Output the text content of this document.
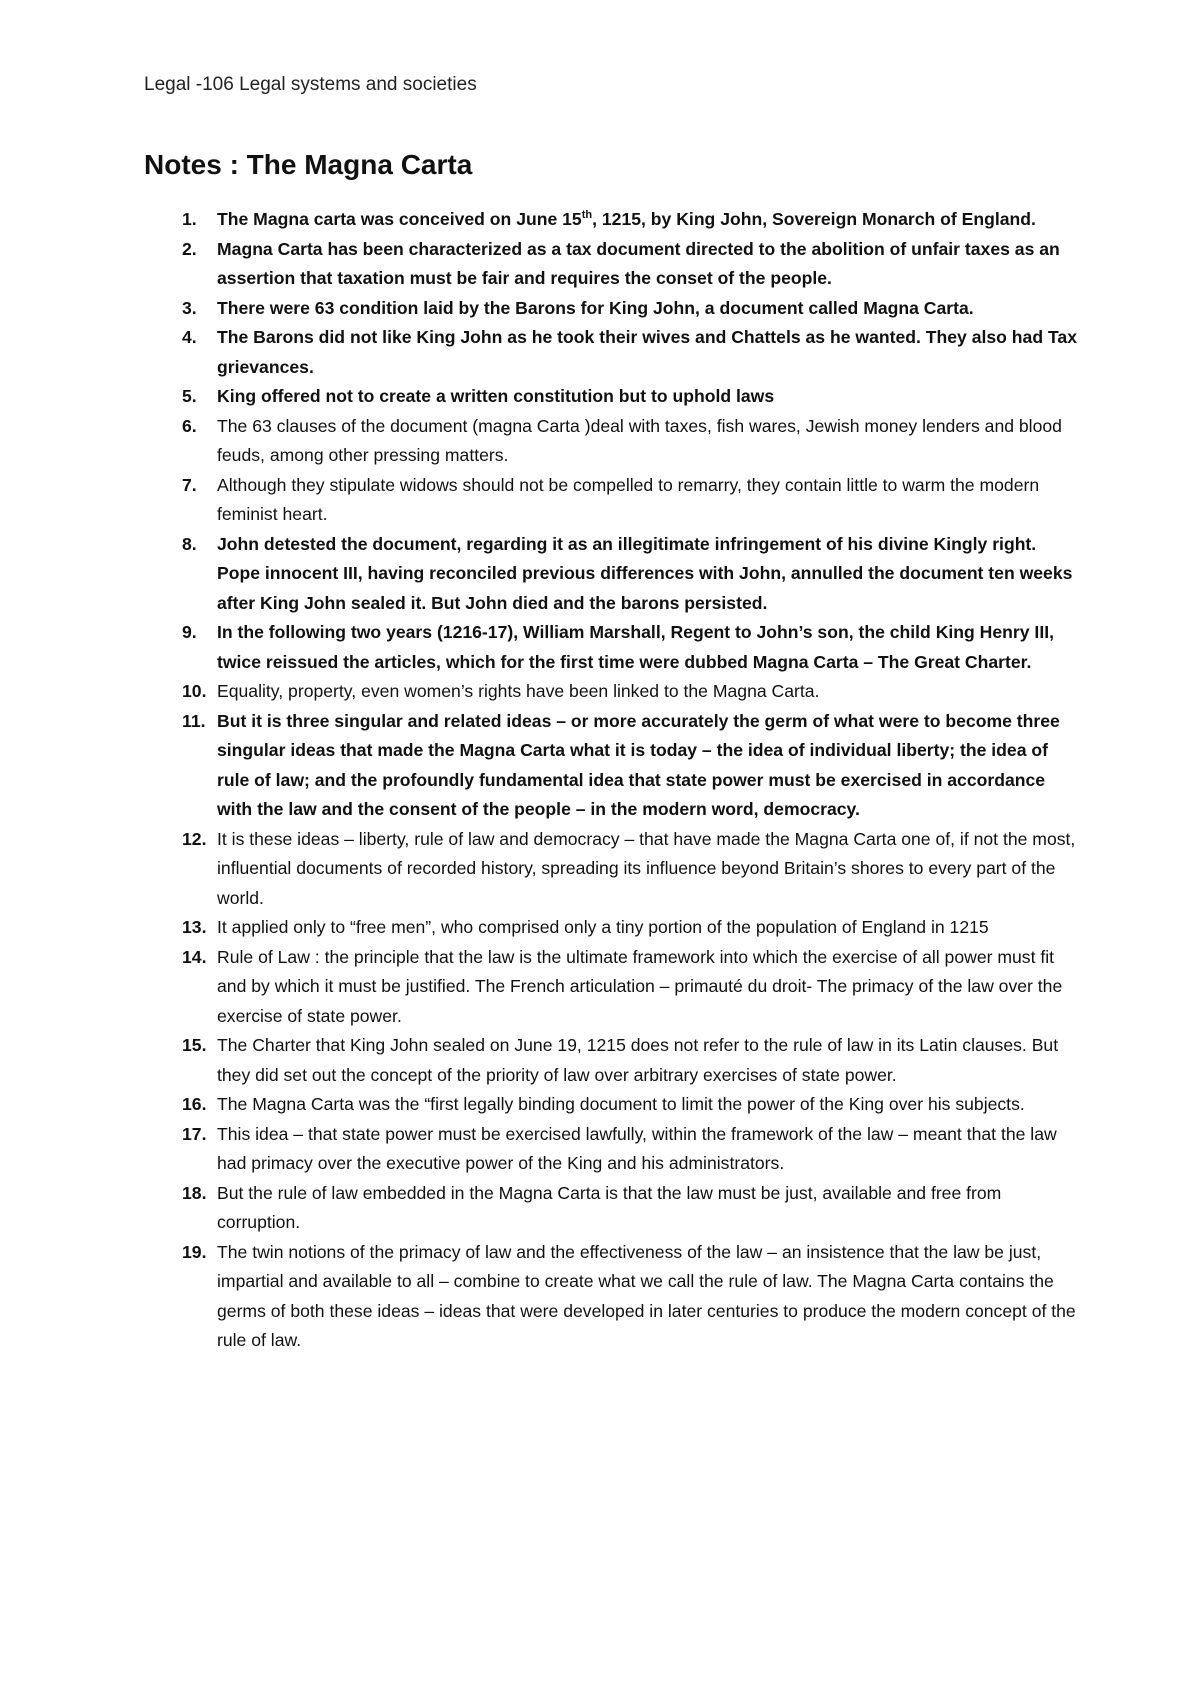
Legal -106 Legal systems and societies
Notes : The Magna Carta
1.	The Magna carta was conceived on June 15th, 1215, by King John, Sovereign Monarch of England.
2.	Magna Carta has been characterized as a tax document directed to the abolition of unfair taxes as an assertion that taxation must be fair and requires the conset of the people.
3.	There were 63 condition laid by the Barons for King John, a document called Magna Carta.
4.	The Barons did not like King John as he took their wives and Chattels as he wanted. They also had Tax grievances.
5.	King offered not to create a written constitution but to uphold laws
6.	The 63 clauses of the document (magna Carta )deal with taxes, fish wares, Jewish money lenders and blood feuds, among other pressing matters.
7.	Although they stipulate widows should not be compelled to remarry, they contain little to warm the modern feminist heart.
8.	John detested the document, regarding it as an illegitimate infringement of his divine Kingly right. Pope innocent III, having reconciled previous differences with John, annulled the document ten weeks after King John sealed it. But John died and the barons persisted.
9.	In the following two years (1216-17), William Marshall, Regent to John’s son, the child King Henry III, twice reissued the articles, which for the first time were dubbed Magna Carta – The Great Charter.
10. Equality, property, even women’s rights have been linked to the Magna Carta.
11. But it is three singular and related ideas – or more accurately the germ of what were to become three singular ideas that made the Magna Carta what it is today – the idea of individual liberty; the idea of rule of law; and the profoundly fundamental idea that state power must be exercised in accordance with the law and the consent of the people – in the modern word, democracy.
12. It is these ideas – liberty, rule of law and democracy – that have made the Magna Carta one of, if not the most, influential documents of recorded history, spreading its influence beyond Britain’s shores to every part of the world.
13. It applied only to “free men”, who comprised only a tiny portion of the population of England in 1215
14. Rule of Law : the principle that the law is the ultimate framework into which the exercise of all power must fit and by which it must be justified. The French articulation – primauté du droit- The primacy of the law over the exercise of state power.
15. The Charter that King John sealed on June 19, 1215 does not refer to the rule of law in its Latin clauses. But they did set out the concept of the priority of law over arbitrary exercises of state power.
16. The Magna Carta was the “first legally binding document to limit the power of the King over his subjects.
17. This idea – that state power must be exercised lawfully, within the framework of the law – meant that the law had primacy over the executive power of the King and his administrators.
18. But the rule of law embedded in the Magna Carta is that the law must be just, available and free from corruption.
19. The twin notions of the primacy of law and the effectiveness of the law – an insistence that the law be just, impartial and available to all – combine to create what we call the rule of law. The Magna Carta contains the germs of both these ideas – ideas that were developed in later centuries to produce the modern concept of the rule of law.
